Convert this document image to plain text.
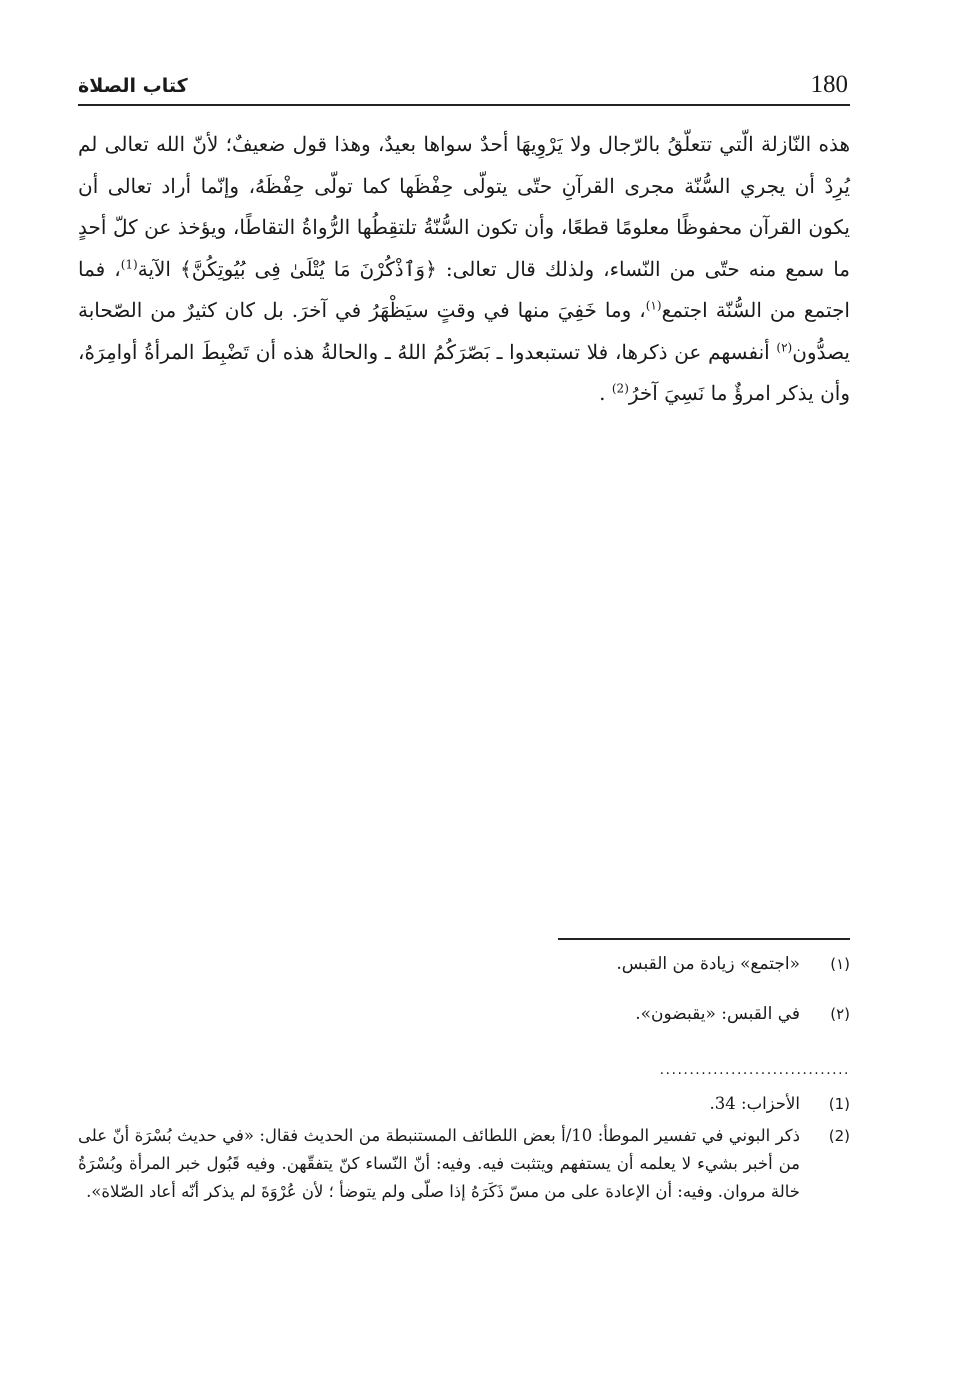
180
كتاب الصلاة

هذه النّازلة الّتي تتعلّقُ بالرّجال ولا يَرْوِيهَا أحدٌ سواها بعيدٌ، وهذا قول ضعيفٌ؛ لأنّ الله تعالى لم يُرِدْ أن يجري السُّنّة مجرى القرآنِ حتّى يتولّى حِفْظَها كما تولّى حِفْظَهُ، وإنّما أراد تعالى أن يكون القرآن محفوظًا معلومًا قطعًا، وأن تكون السُّنّةُ تلتقِطُها الرُّواةُ التقاطًا، ويؤخذ عن كلّ أحدٍ ما سمع منه حتّى من النّساء، ولذلك قال تعالى: ﴿وَٱذْكُرْنَ مَا يُتْلَىٰ فِى بُيُوتِكُنَّ﴾ الآية$^{(1)}$، فما اجتمع من السُّنّة اجتمع$^{(١)}$، وما خَفِيَ منها في وقتٍ سيَظْهَرُ في آخرَ. بل كان كثيرٌ من الصّحابة يصدُّون$^{(٢)}$ أنفسهم عن ذكرها، فلا تستبعدوا ـ بَصّرَكُمُ اللهُ ـ والحالةُ هذه أن تَضْبِطَ المرأةُ أوامِرَهُ، وأن يذكر امرؤٌ ما نَسِيَ آخرُ$^{(2)}$ .

(١)
«اجتمع» زيادة من القبس.
(٢)
في القبس: «يقبضون».
................................
(1)
الأحزاب: 34.
(2)
ذكر البوني في تفسير الموطأ: 10/أ بعض اللطائف المستنبطة من الحديث فقال: «في حديث بُسْرَة أنّ على من أخبر بشيء لا يعلمه أن يستفهم ويتثبت فيه. وفيه: أنّ النّساء كنّ يتفقّهن. وفيه قَبُول خبر المرأة وبُسْرَةُ خالة مروان. وفيه: أن الإعادة على من مسّ ذَكَرَهُ إذا صلّى ولم يتوضأ ؛ لأن عُرْوَةَ لم يذكر أنّه أعاد الصّلاة».
